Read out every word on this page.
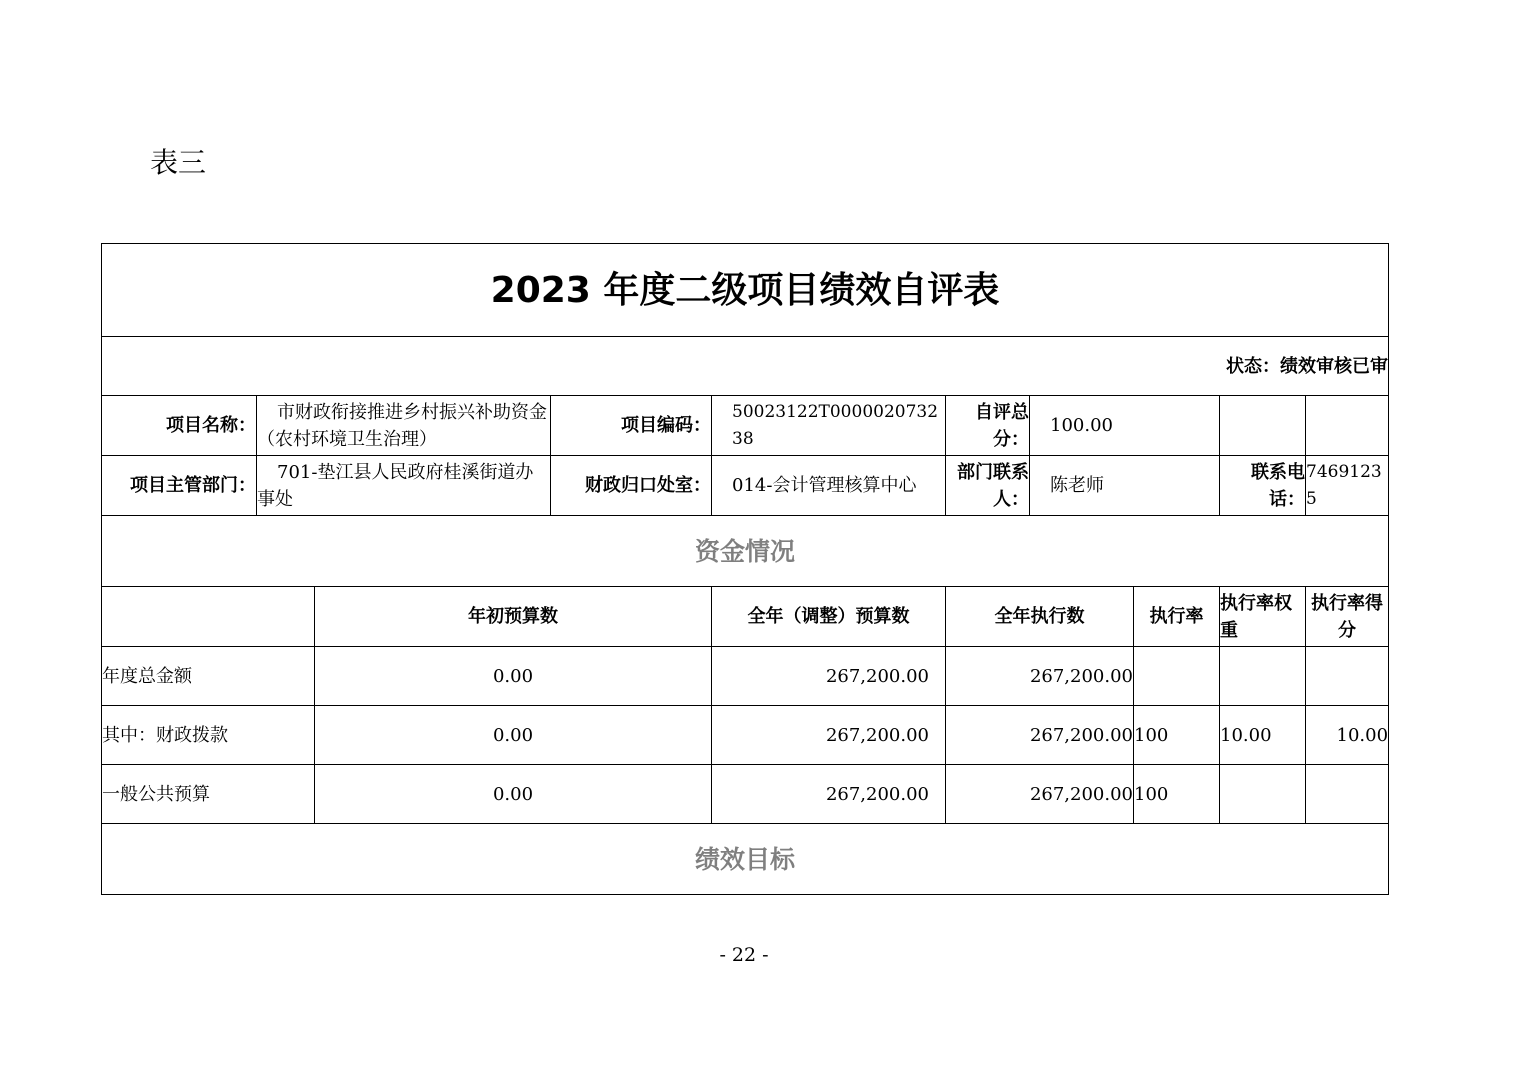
表三
2023 年度二级项目绩效自评表									
状态：绩效审核已审									
项目名称：	市财政衔接推进乡村振兴补助资金（农村环境卫生治理）		项目编码：	50023122T000002073238	自评总分：	100.00			
项目主管部门：	701-垫江县人民政府桂溪街道办事处		财政归口处室：	014-会计管理核算中心	部门联系人：	陈老师		联系电话：	74691235
资金情况									
		年初预算数		全年（调整）预算数	全年执行数		执行率	执行率权重	执行率得分
年度总金额		0.00		267,200.00	267,200.00				
其中：财政拨款		0.00		267,200.00	267,200.00		100	10.00	10.00
一般公共预算		0.00		267,200.00	267,200.00		100		
绩效目标									
- 22 -
